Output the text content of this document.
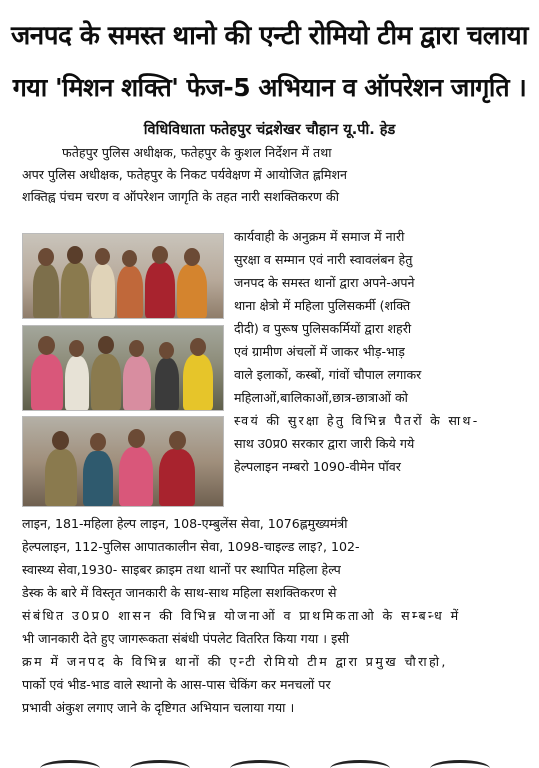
जनपद के समस्त थानो की एन्टी रोमियो टीम द्वारा चलाया
गया 'मिशन शक्ति' फेज-5 अभियान व ऑपरेशन जागृति ।
विधिविधाता फतेहपुर चंद्रशेखर चौहान यू.पी. हेड
फतेहपुर पुलिस अधीक्षक, फतेहपुर के कुशल निर्देशन में तथा
अपर पुलिस अधीक्षक, फतेहपुर के निकट पर्यवेक्षण में आयोजित ह्लमिशन
शक्तिह्व पंचम चरण व ऑपरेशन जागृति के तहत नारी सशक्तिकरण की
कार्यवाही के अनुक्रम में समाज में नारी
सुरक्षा व सम्मान एवं नारी स्वावलंबन हेतु
जनपद के समस्त थानों द्वारा अपने-अपने
थाना क्षेत्रो में महिला पुलिसकर्मी (शक्ति
दीदी) व पुरूष पुलिसकर्मियों द्वारा शहरी
एवं ग्रामीण अंचलों में जाकर भीड़-भाड़
वाले इलाकों, कस्बों, गांवों चौपाल लगाकर
महिलाओं,बालिकाओं,छात्र-छात्राओं को
स्वयं की सुरक्षा हेतु विभिन्न पैतरों के साथ-
साथ उ0प्र0 सरकार द्वारा जारी किये गये
हेल्पलाइन नम्बरो 1090-वीमेन पॉवर
लाइन, 181-महिला हेल्प लाइन, 108-एम्बुलेंस सेवा, 1076ह्लमुख्यमंत्री
हेल्पलाइन, 112-पुलिस आपातकालीन सेवा, 1098-चाइल्ड लाइ?, 102-
स्वास्थ्य सेवा,1930- साइबर क्राइम तथा थानों पर स्थापित महिला हेल्प
डेस्क के बारे में विस्तृत जानकारी के साथ-साथ महिला सशक्तिकरण से
संबंधित उ0प्र0 शासन की विभिन्न योजनाओं व प्राथमिकताओ के सम्बन्ध में
भी जानकारी देते हुए जागरूकता संबंधी पंपलेट वितरित किया गया । इसी
क्रम में जनपद के विभिन्न थानों की एन्टी रोमियो टीम द्वारा प्रमुख चौराहो,
पार्को एवं भीड-भाड वाले स्थानो के आस-पास चेकिंग कर मनचलों पर
प्रभावी अंकुश लगाए जाने के दृष्टिगत अभियान चलाया गया ।
